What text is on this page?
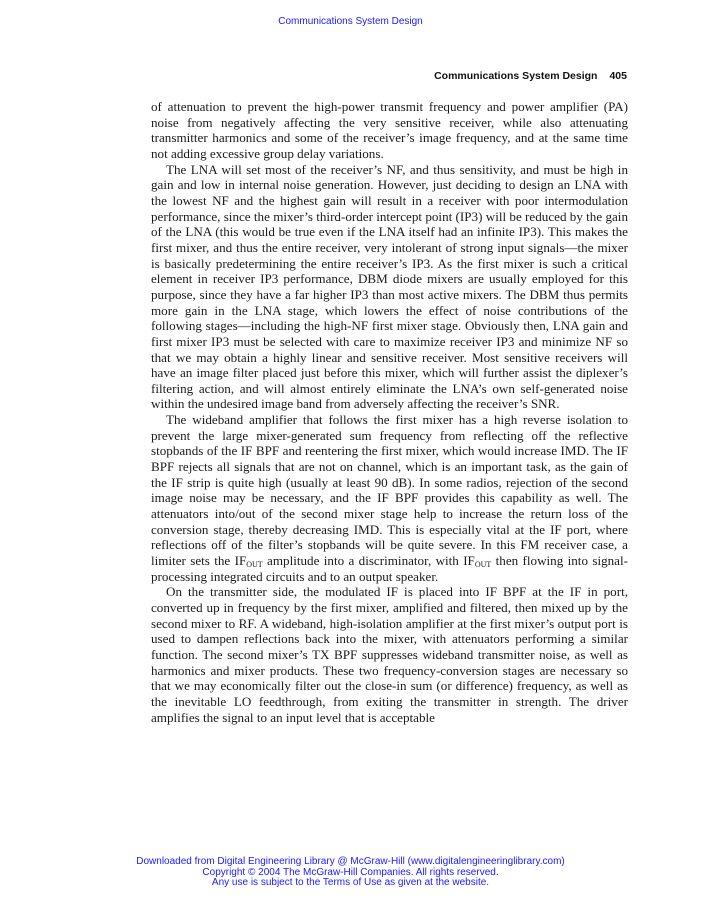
Communications System Design
Communications System Design 405

of attenuation to prevent the high-power transmit frequency and power amplifier (PA) noise from negatively affecting the very sensitive receiver, while also attenuating transmitter harmonics and some of the receiver’s image frequency, and at the same time not adding excessive group delay variations.

The LNA will set most of the receiver’s NF, and thus sensitivity, and must be high in gain and low in internal noise generation. However, just deciding to design an LNA with the lowest NF and the highest gain will result in a receiver with poor intermodulation performance, since the mixer’s third-order intercept point (IP3) will be reduced by the gain of the LNA (this would be true even if the LNA itself had an infinite IP3). This makes the first mixer, and thus the entire receiver, very intolerant of strong input signals—the mixer is basically predetermining the entire receiver’s IP3. As the first mixer is such a critical element in receiver IP3 performance, DBM diode mixers are usually employed for this purpose, since they have a far higher IP3 than most active mixers. The DBM thus permits more gain in the LNA stage, which lowers the effect of noise contributions of the following stages—including the high-NF first mixer stage. Obviously then, LNA gain and first mixer IP3 must be selected with care to maximize receiver IP3 and minimize NF so that we may obtain a highly linear and sensitive receiver. Most sensitive receivers will have an image filter placed just before this mixer, which will further assist the diplexer’s filtering action, and will almost entirely eliminate the LNA’s own self-generated noise within the undesired image band from adversely affecting the receiver’s SNR.

The wideband amplifier that follows the first mixer has a high reverse isolation to prevent the large mixer-generated sum frequency from reflecting off the reflective stopbands of the IF BPF and reentering the first mixer, which would increase IMD. The IF BPF rejects all signals that are not on channel, which is an important task, as the gain of the IF strip is quite high (usually at least 90 dB). In some radios, rejection of the second image noise may be necessary, and the IF BPF provides this capability as well. The attenuators into/out of the second mixer stage help to increase the return loss of the conversion stage, thereby decreasing IMD. This is especially vital at the IF port, where reflections off of the filter’s stopbands will be quite severe. In this FM receiver case, a limiter sets the $IF_{OUT}$ amplitude into a discriminator, with $IF_{OUT}$ then flowing into signal-processing integrated circuits and to an output speaker.

On the transmitter side, the modulated IF is placed into IF BPF at the IF in port, converted up in frequency by the first mixer, amplified and filtered, then mixed up by the second mixer to RF. A wideband, high-isolation amplifier at the first mixer’s output port is used to dampen reflections back into the mixer, with attenuators performing a similar function. The second mixer’s TX BPF suppresses wideband transmitter noise, as well as harmonics and mixer products. These two frequency-conversion stages are necessary so that we may economically filter out the close-in sum (or difference) frequency, as well as the inevitable LO feedthrough, from exiting the transmitter in strength. The driver amplifies the signal to an input level that is acceptable

Downloaded from Digital Engineering Library @ McGraw-Hill (www.digitalengineeringlibrary.com)
Copyright © 2004 The McGraw-Hill Companies. All rights reserved.
Any use is subject to the Terms of Use as given at the website.
